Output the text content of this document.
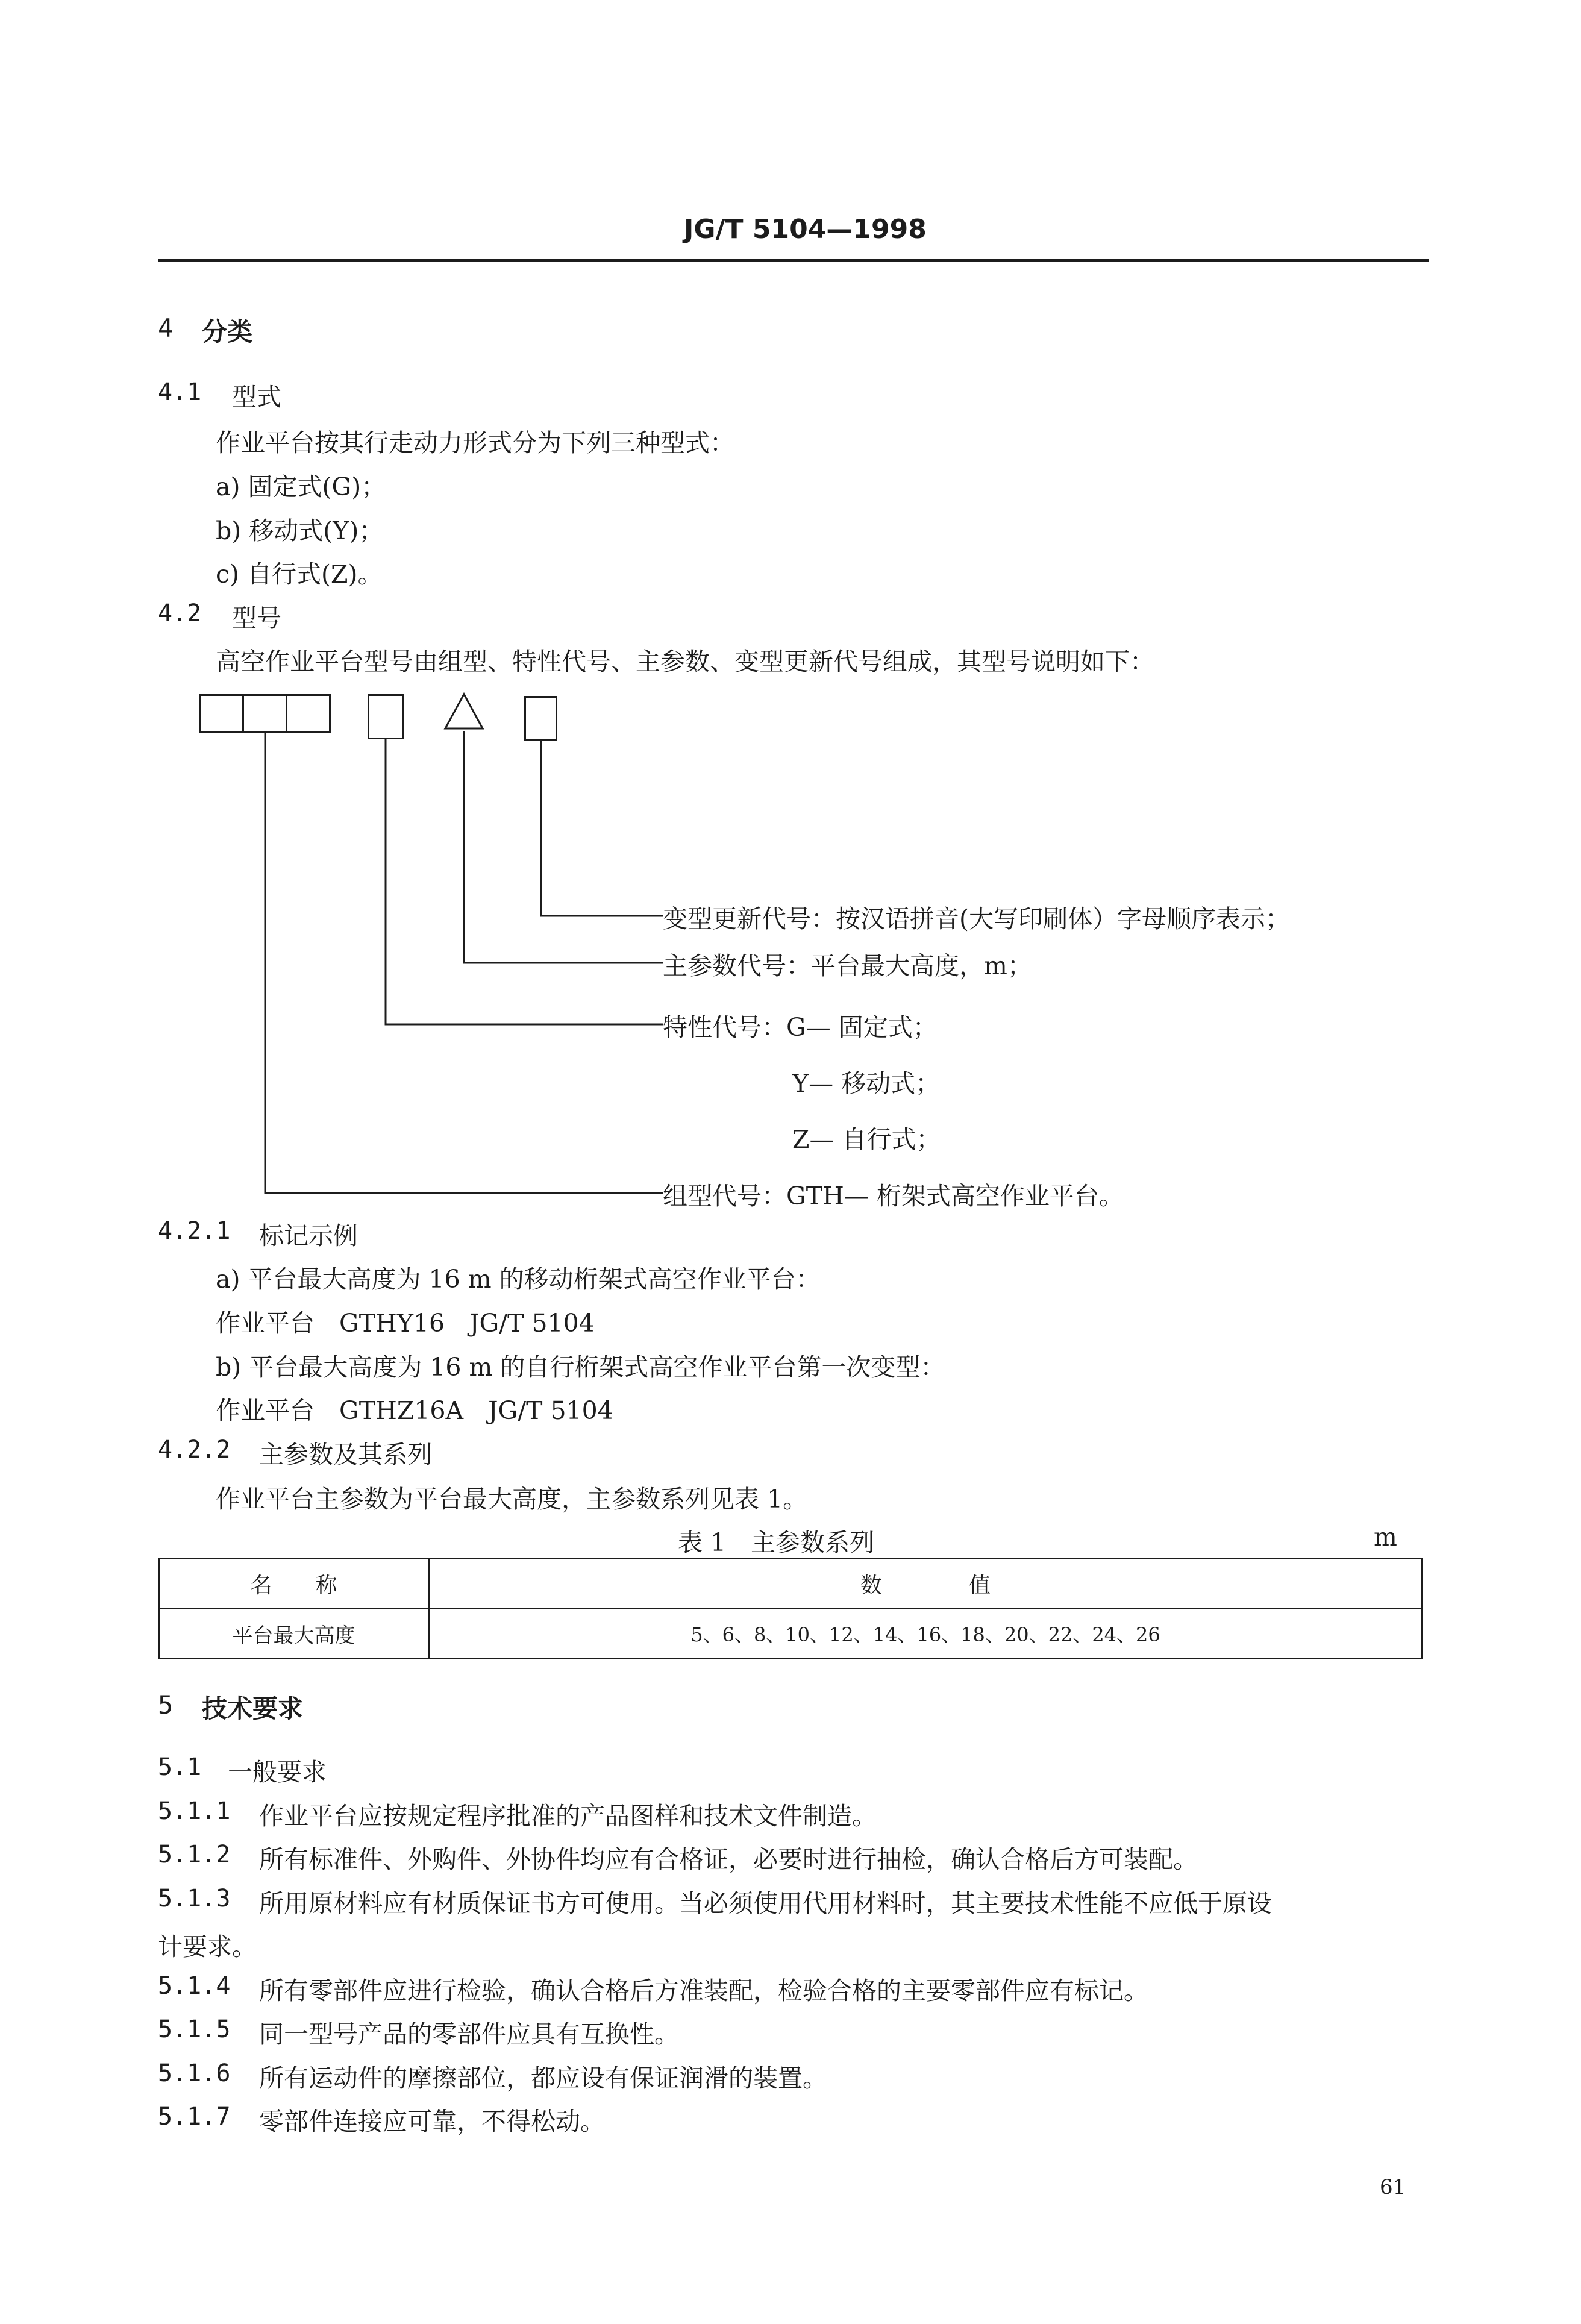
JG/T 5104—1998
4 分类
4.1 型式
作业平台按其行走动力形式分为下列三种型式：
a) 固定式(G)；
b) 移动式(Y)；
c) 自行式(Z)。
4.2 型号
高空作业平台型号由组型、特性代号、主参数、变型更新代号组成，其型号说明如下：
变型更新代号：按汉语拼音(大写印刷体）字母顺序表示；
主参数代号：平台最大高度，m；
特性代号：G— 固定式；
Y— 移动式；
Z— 自行式；
组型代号：GTH— 桁架式高空作业平台。
4.2.1 标记示例
a) 平台最大高度为 16 m 的移动桁架式高空作业平台：
作业平台　GTHY16　JG/T 5104
b) 平台最大高度为 16 m 的自行桁架式高空作业平台第一次变型：
作业平台　GTHZ16A　JG/T 5104
4.2.2 主参数及其系列
作业平台主参数为平台最大高度，主参数系列见表 1。
表 1　主参数系列	m
名　　称	数　　　　值
平台最大高度	5、6、8、10、12、14、16、18、20、22、24、26
5 技术要求
5.1 一般要求
5.1.1 作业平台应按规定程序批准的产品图样和技术文件制造。
5.1.2 所有标准件、外购件、外协件均应有合格证，必要时进行抽检，确认合格后方可装配。
5.1.3 所用原材料应有材质保证书方可使用。当必须使用代用材料时，其主要技术性能不应低于原设
计要求。
5.1.4 所有零部件应进行检验，确认合格后方准装配，检验合格的主要零部件应有标记。
5.1.5 同一型号产品的零部件应具有互换性。
5.1.6 所有运动件的摩擦部位，都应设有保证润滑的装置。
5.1.7 零部件连接应可靠，不得松动。
61
